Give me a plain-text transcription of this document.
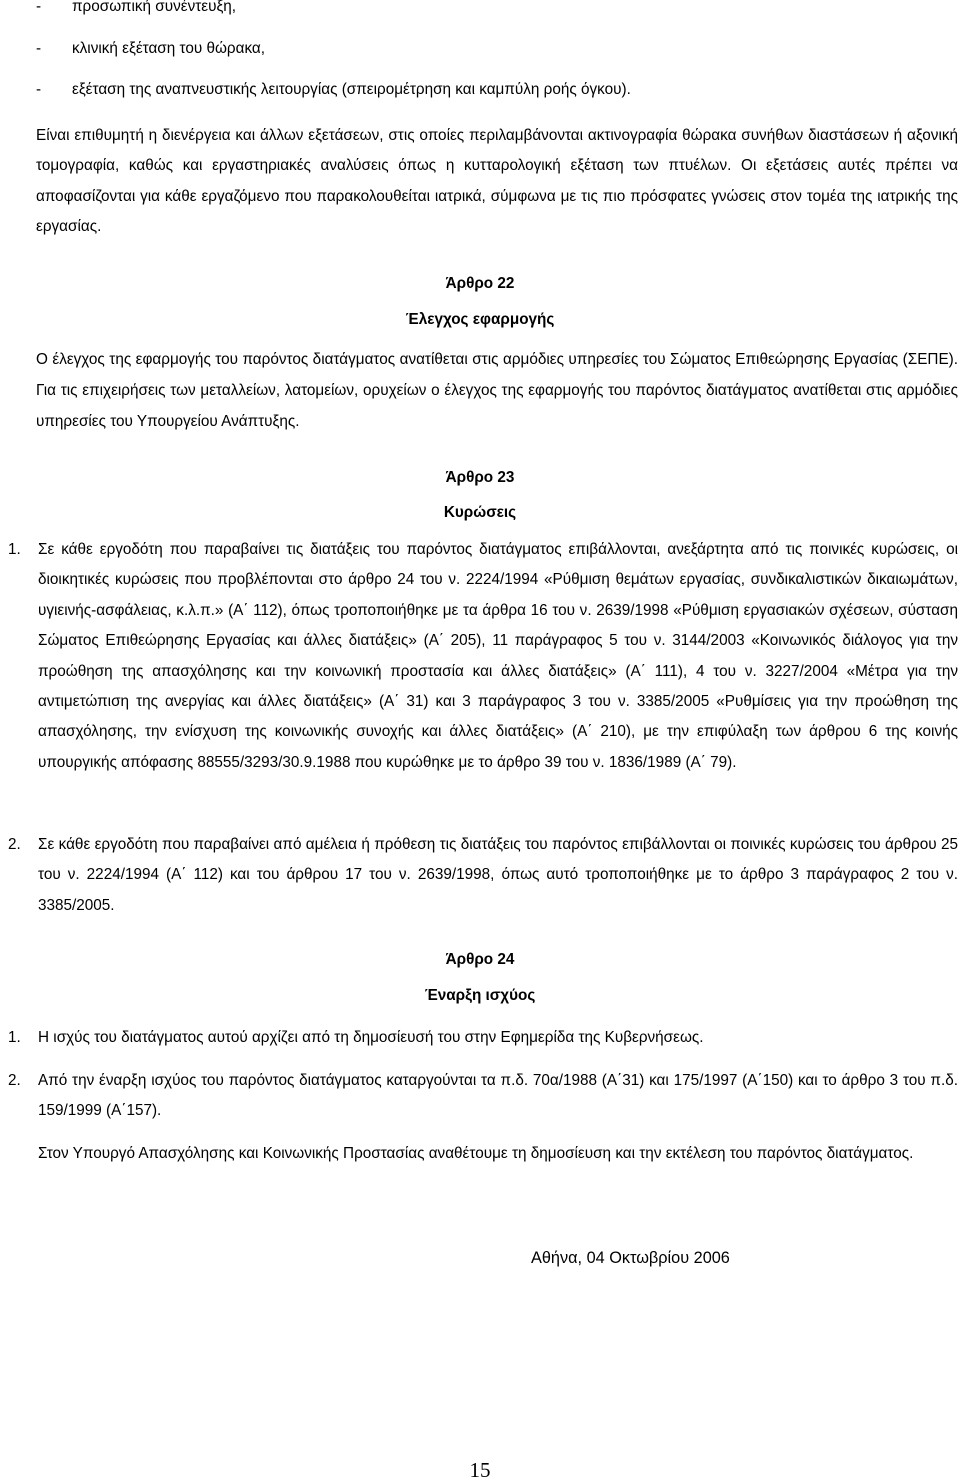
- προσωπική συνέντευξη,
- κλινική εξέταση του θώρακα,
- εξέταση της αναπνευστικής λειτουργίας (σπειρομέτρηση και καμπύλη ροής όγκου).
Είναι επιθυμητή η διενέργεια και άλλων εξετάσεων, στις οποίες περιλαμβάνονται ακτινογραφία θώρακα συνήθων διαστάσεων ή αξονική τομογραφία, καθώς και εργαστηριακές αναλύσεις όπως η κυτταρολογική εξέταση των πτυέλων. Οι εξετάσεις αυτές πρέπει να αποφασίζονται για κάθε εργαζόμενο που παρακολουθείται ιατρικά, σύμφωνα με τις πιο πρόσφατες γνώσεις στον τομέα της ιατρικής της εργασίας.
Άρθρο 22
Έλεγχος εφαρμογής
Ο έλεγχος της εφαρμογής του παρόντος διατάγματος ανατίθεται στις αρμόδιες υπηρεσίες του Σώματος Επιθεώρησης Εργασίας (ΣΕΠΕ). Για τις επιχειρήσεις των μεταλλείων, λατομείων, ορυχείων ο έλεγχος της εφαρμογής του παρόντος διατάγματος ανατίθεται στις αρμόδιες υπηρεσίες του Υπουργείου Ανάπτυξης.
Άρθρο 23
Κυρώσεις
1. Σε κάθε εργοδότη που παραβαίνει τις διατάξεις του παρόντος διατάγματος επιβάλλονται, ανεξάρτητα από τις ποινικές κυρώσεις, οι διοικητικές κυρώσεις που προβλέπονται στο άρθρο 24 του ν. 2224/1994 «Ρύθμιση θεμάτων εργασίας, συνδικαλιστικών δικαιωμάτων, υγιεινής-ασφάλειας, κ.λ.π.» (Α΄ 112), όπως τροποποιήθηκε με τα άρθρα 16 του ν. 2639/1998 «Ρύθμιση εργασιακών σχέσεων, σύσταση Σώματος Επιθεώρησης Εργασίας και άλλες διατάξεις» (Α΄ 205), 11 παράγραφος 5 του ν. 3144/2003 «Κοινωνικός διάλογος για την προώθηση της απασχόλησης και την κοινωνική προστασία και άλλες διατάξεις» (Α΄ 111), 4 του ν. 3227/2004 «Μέτρα για την αντιμετώπιση της ανεργίας και άλλες διατάξεις» (Α΄ 31) και 3 παράγραφος 3 του ν. 3385/2005 «Ρυθμίσεις για την προώθηση της απασχόλησης, την ενίσχυση της κοινωνικής συνοχής και άλλες διατάξεις» (Α΄ 210), με την επιφύλαξη των άρθρου 6 της κοινής υπουργικής απόφασης 88555/3293/30.9.1988 που κυρώθηκε με το άρθρο 39 του ν. 1836/1989 (Α΄ 79).
2. Σε κάθε εργοδότη που παραβαίνει από αμέλεια ή πρόθεση τις διατάξεις του παρόντος επιβάλλονται οι ποινικές κυρώσεις του άρθρου 25 του ν. 2224/1994 (Α΄ 112) και του άρθρου 17 του ν. 2639/1998, όπως αυτό τροποποιήθηκε με το άρθρο 3 παράγραφος 2 του ν. 3385/2005.
Άρθρο 24
Έναρξη ισχύος
1. Η ισχύς του διατάγματος αυτού αρχίζει από τη δημοσίευσή του στην Εφημερίδα της Κυβερνήσεως.
2. Από την έναρξη ισχύος του παρόντος διατάγματος καταργούνται τα π.δ. 70α/1988 (Α΄31) και 175/1997 (Α΄150) και το άρθρο 3 του π.δ. 159/1999 (Α΄157).
Στον Υπουργό Απασχόλησης και Κοινωνικής Προστασίας αναθέτουμε τη δημοσίευση και την εκτέλεση του παρόντος διατάγματος.
Αθήνα, 04 Οκτωβρίου 2006
15
